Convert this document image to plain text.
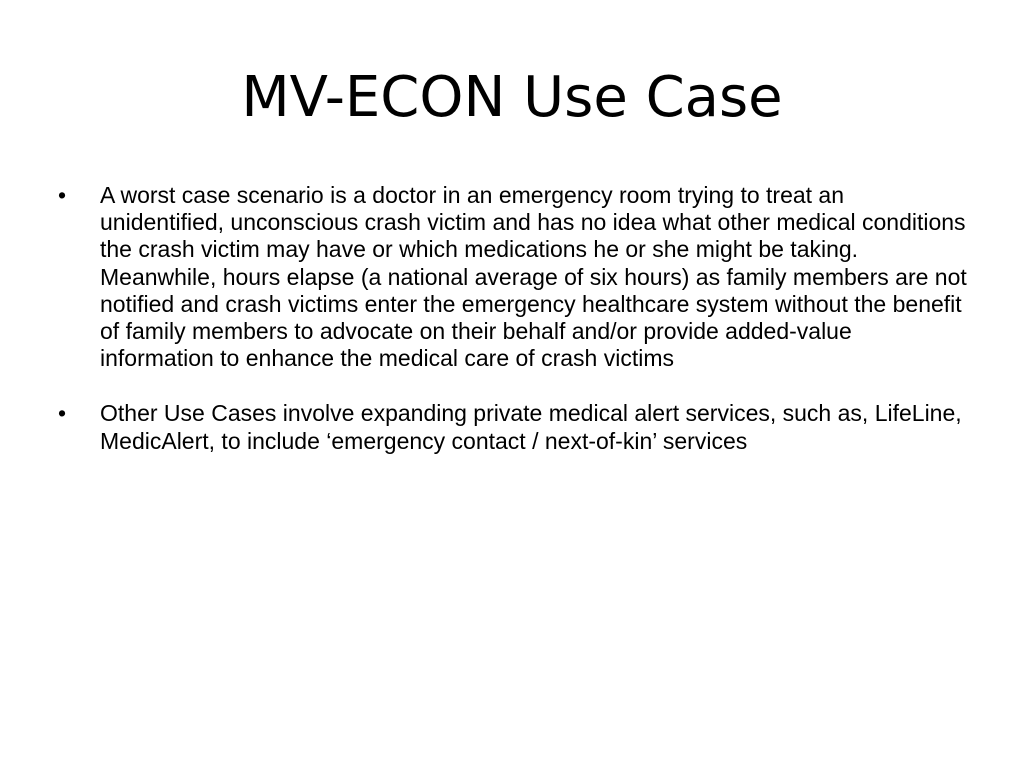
MV-ECON Use Case
•	A worst case scenario is a doctor in an emergency room trying to treat an unidentified, unconscious crash victim and has no idea what other medical conditions the crash victim may have or which medications he or she might be taking. Meanwhile, hours elapse (a national average of six hours) as family members are not notified and crash victims enter the emergency healthcare system without the benefit of family members to advocate on their behalf and/or provide added-value information to enhance the medical care of crash victims
•	Other Use Cases involve expanding private medical alert services, such as, LifeLine, MedicAlert, to include ‘emergency contact / next-of-kin’ services
